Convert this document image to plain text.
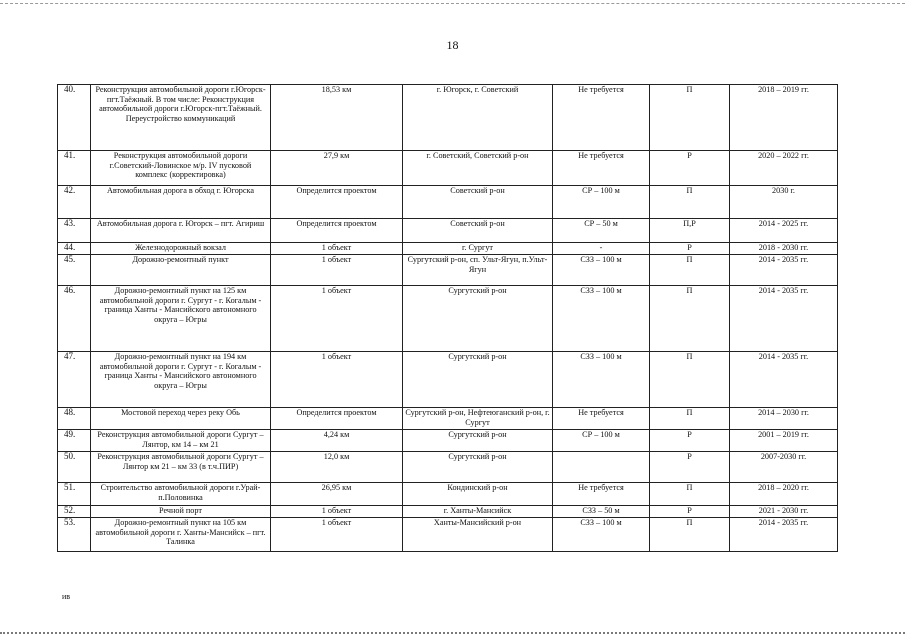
18
40.	Реконструкция автомобильной дороги г.Югорск-пгт.Таёжный. В том числе: Реконструкция автомобильной дороги г.Югорск-пгт.Таёжный. Переустройство коммуникаций	18,53 км	г. Югорск, г. Советский	Не требуется	П	2018 – 2019 гг.
41.	Реконструкция автомобильной дороги г.Советский-Ловинское м/р. IV пусковой комплекс (корректировка)	27,9 км	г. Советский, Советский р-он	Не требуется	Р	2020 – 2022 гг.
42.	Автомобильная дорога в обход г. Югорска	Определится проектом	Советский р-он	СР – 100 м	П	2030 г.
43.	Автомобильная дорога г. Югорск – пгт. Агириш	Определится проектом	Советский р-он	СР – 50 м	П,Р	2014 - 2025 гг.
44.	Железнодорожный вокзал	1 объект	г. Сургут	-	Р	2018 - 2030 гг.
45.	Дорожно-ремонтный пункт	1 объект	Сургутский р-он, сп. Ульт-Ягун, п.Ульт-Ягун	СЗЗ – 100 м	П	2014 - 2035 гг.
46.	Дорожно-ремонтный пункт на 125 км автомобильной дороги г. Сургут - г. Когалым - граница Ханты - Мансийского автономного округа – Югры	1 объект	Сургутский р-он	СЗЗ – 100 м	П	2014 - 2035 гг.
47.	Дорожно-ремонтный пункт на 194 км автомобильной дороги г. Сургут - г. Когалым - граница Ханты - Мансийского автономного округа – Югры	1 объект	Сургутский р-он	СЗЗ – 100 м	П	2014 - 2035 гг.
48.	Мостовой переход через реку Обь	Определится проектом	Сургутский р-он, Нефтеюганский р-он, г. Сургут	Не требуется	П	2014 – 2030 гг.
49.	Реконструкция автомобильной дороги Сургут – Лянтор, км 14 – км 21	4,24 км	Сургутский р-он	СР – 100 м	Р	2001 – 2019 гг.
50.	Реконструкция автомобильной дороги Сургут – Лянтор км 21 – км 33 (в т.ч.ПИР)	12,0 км	Сургутский р-он		Р	2007-2030 гг.
51.	Строительство автомобильной дороги г.Урай-п.Половинка	26,95 км	Кондинский р-он	Не требуется	П	2018 – 2020 гг.
52.	Речной порт	1 объект	г. Ханты-Мансийск	СЗЗ – 50 м	Р	2021 - 2030 гг.
53.	Дорожно-ремонтный пункт на 105 км автомобильной дороги г. Ханты-Мансийск – пгт. Талинка	1 объект	Ханты-Мансийский р-он	СЗЗ – 100 м	П	2014 - 2035 гг.
ив
